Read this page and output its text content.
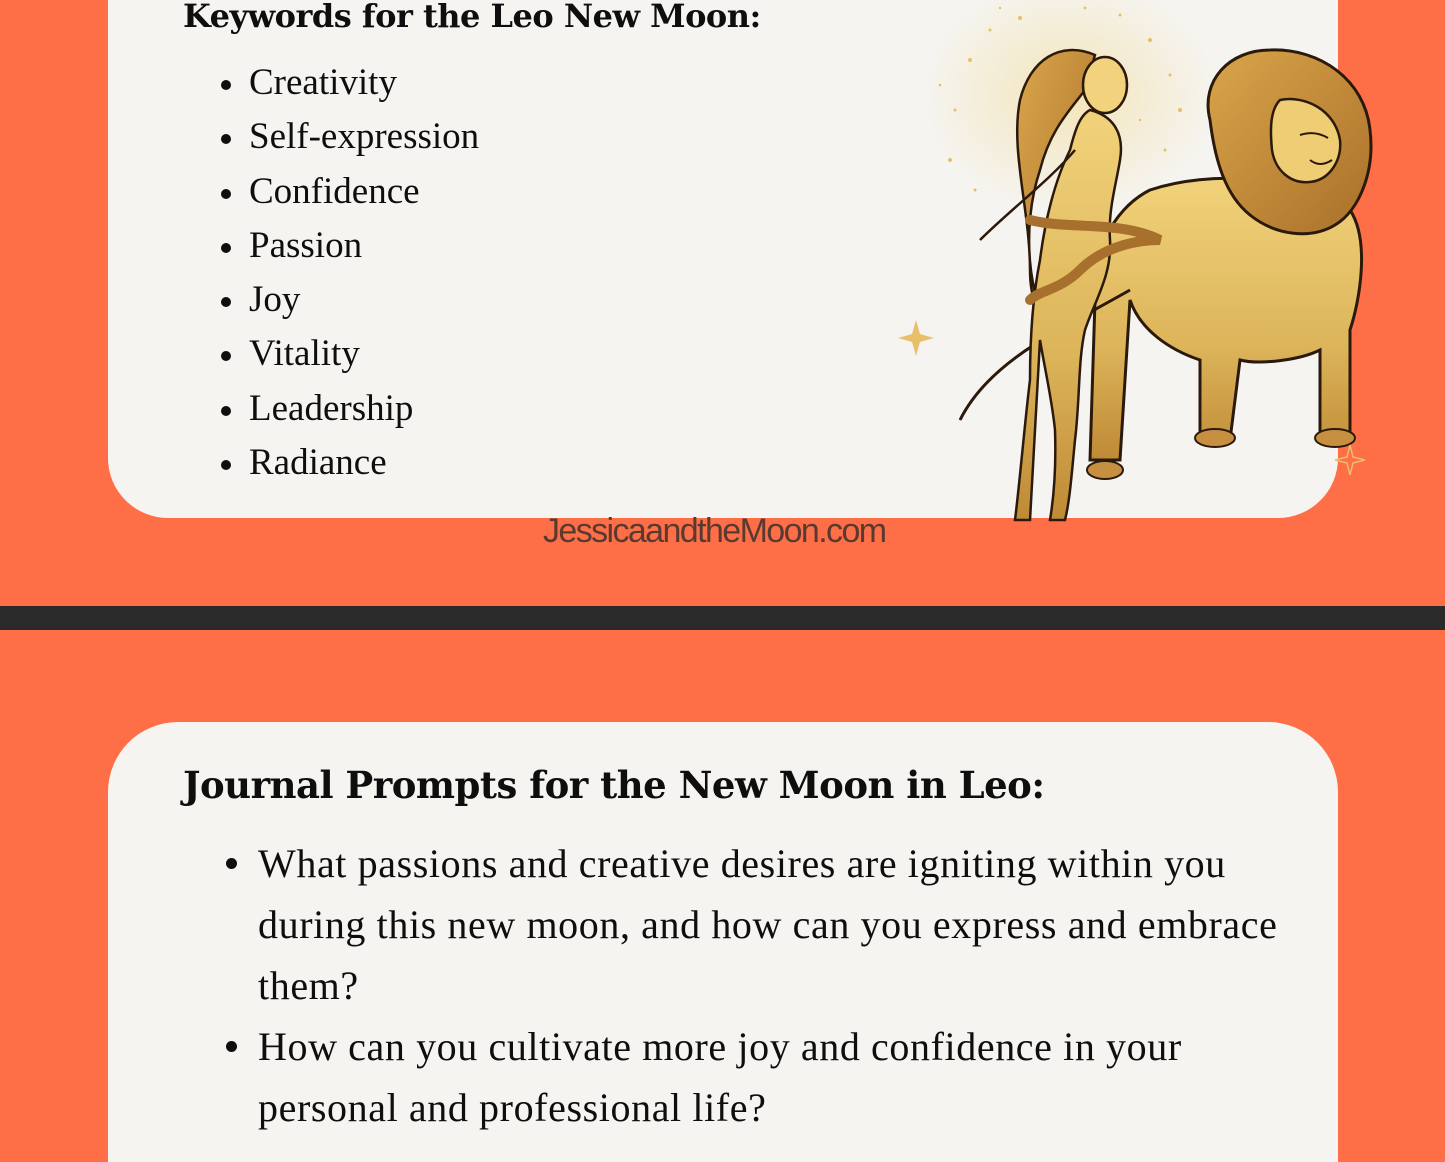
Keywords for the Leo New Moon:
Creativity
Self-expression
Confidence
Passion
Joy
Vitality
Leadership
Radiance

JessicaandtheMoon.com

Journal Prompts for the New Moon in Leo:
What passions and creative desires are igniting within you during this new moon, and how can you express and embrace them?
How can you cultivate more joy and confidence in your personal and professional life?
